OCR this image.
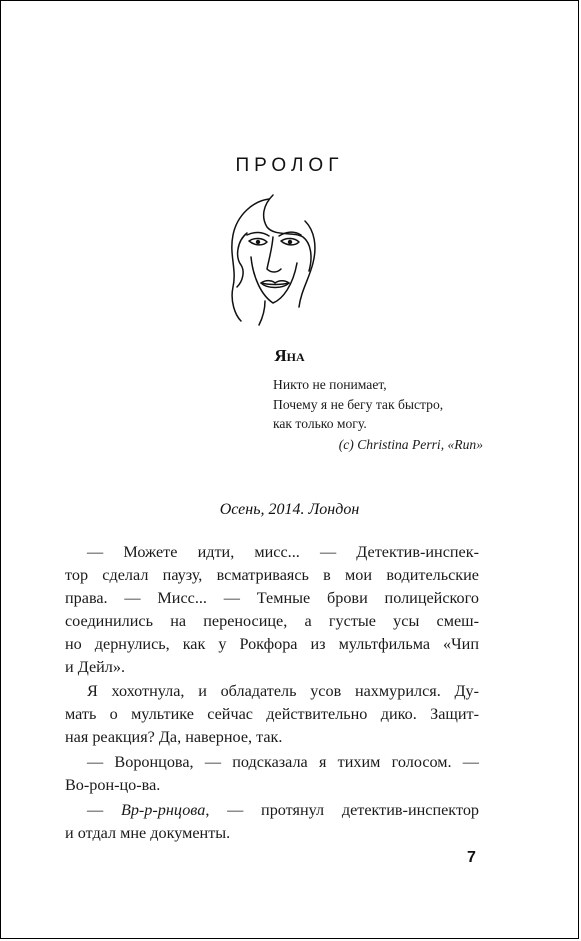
ПРОЛОГ
Яна
Никто не понимает,
Почему я не бегу так быстро,
как только могу.
(c) Christina Perri, «Run»
Осень, 2014. Лондон

— Можете идти, мисс... — Детектив-инспек-
тор сделал паузу, всматриваясь в мои водительские
права. — Мисс... — Темные брови полицейского
соединились на переносице, а густые усы смеш-
но дернулись, как у Рокфора из мультфильма «Чип
и Дейл».

Я хохотнула, и обладатель усов нахмурился. Ду-
мать о мультике сейчас действительно дико. Защит-
ная реакция? Да, наверное, так.

— Воронцова, — подсказала я тихим голосом. —
Во-рон-цо-ва.

— Вр-р-рнцова, — протянул детектив-инспектор
и отдал мне документы.

7
